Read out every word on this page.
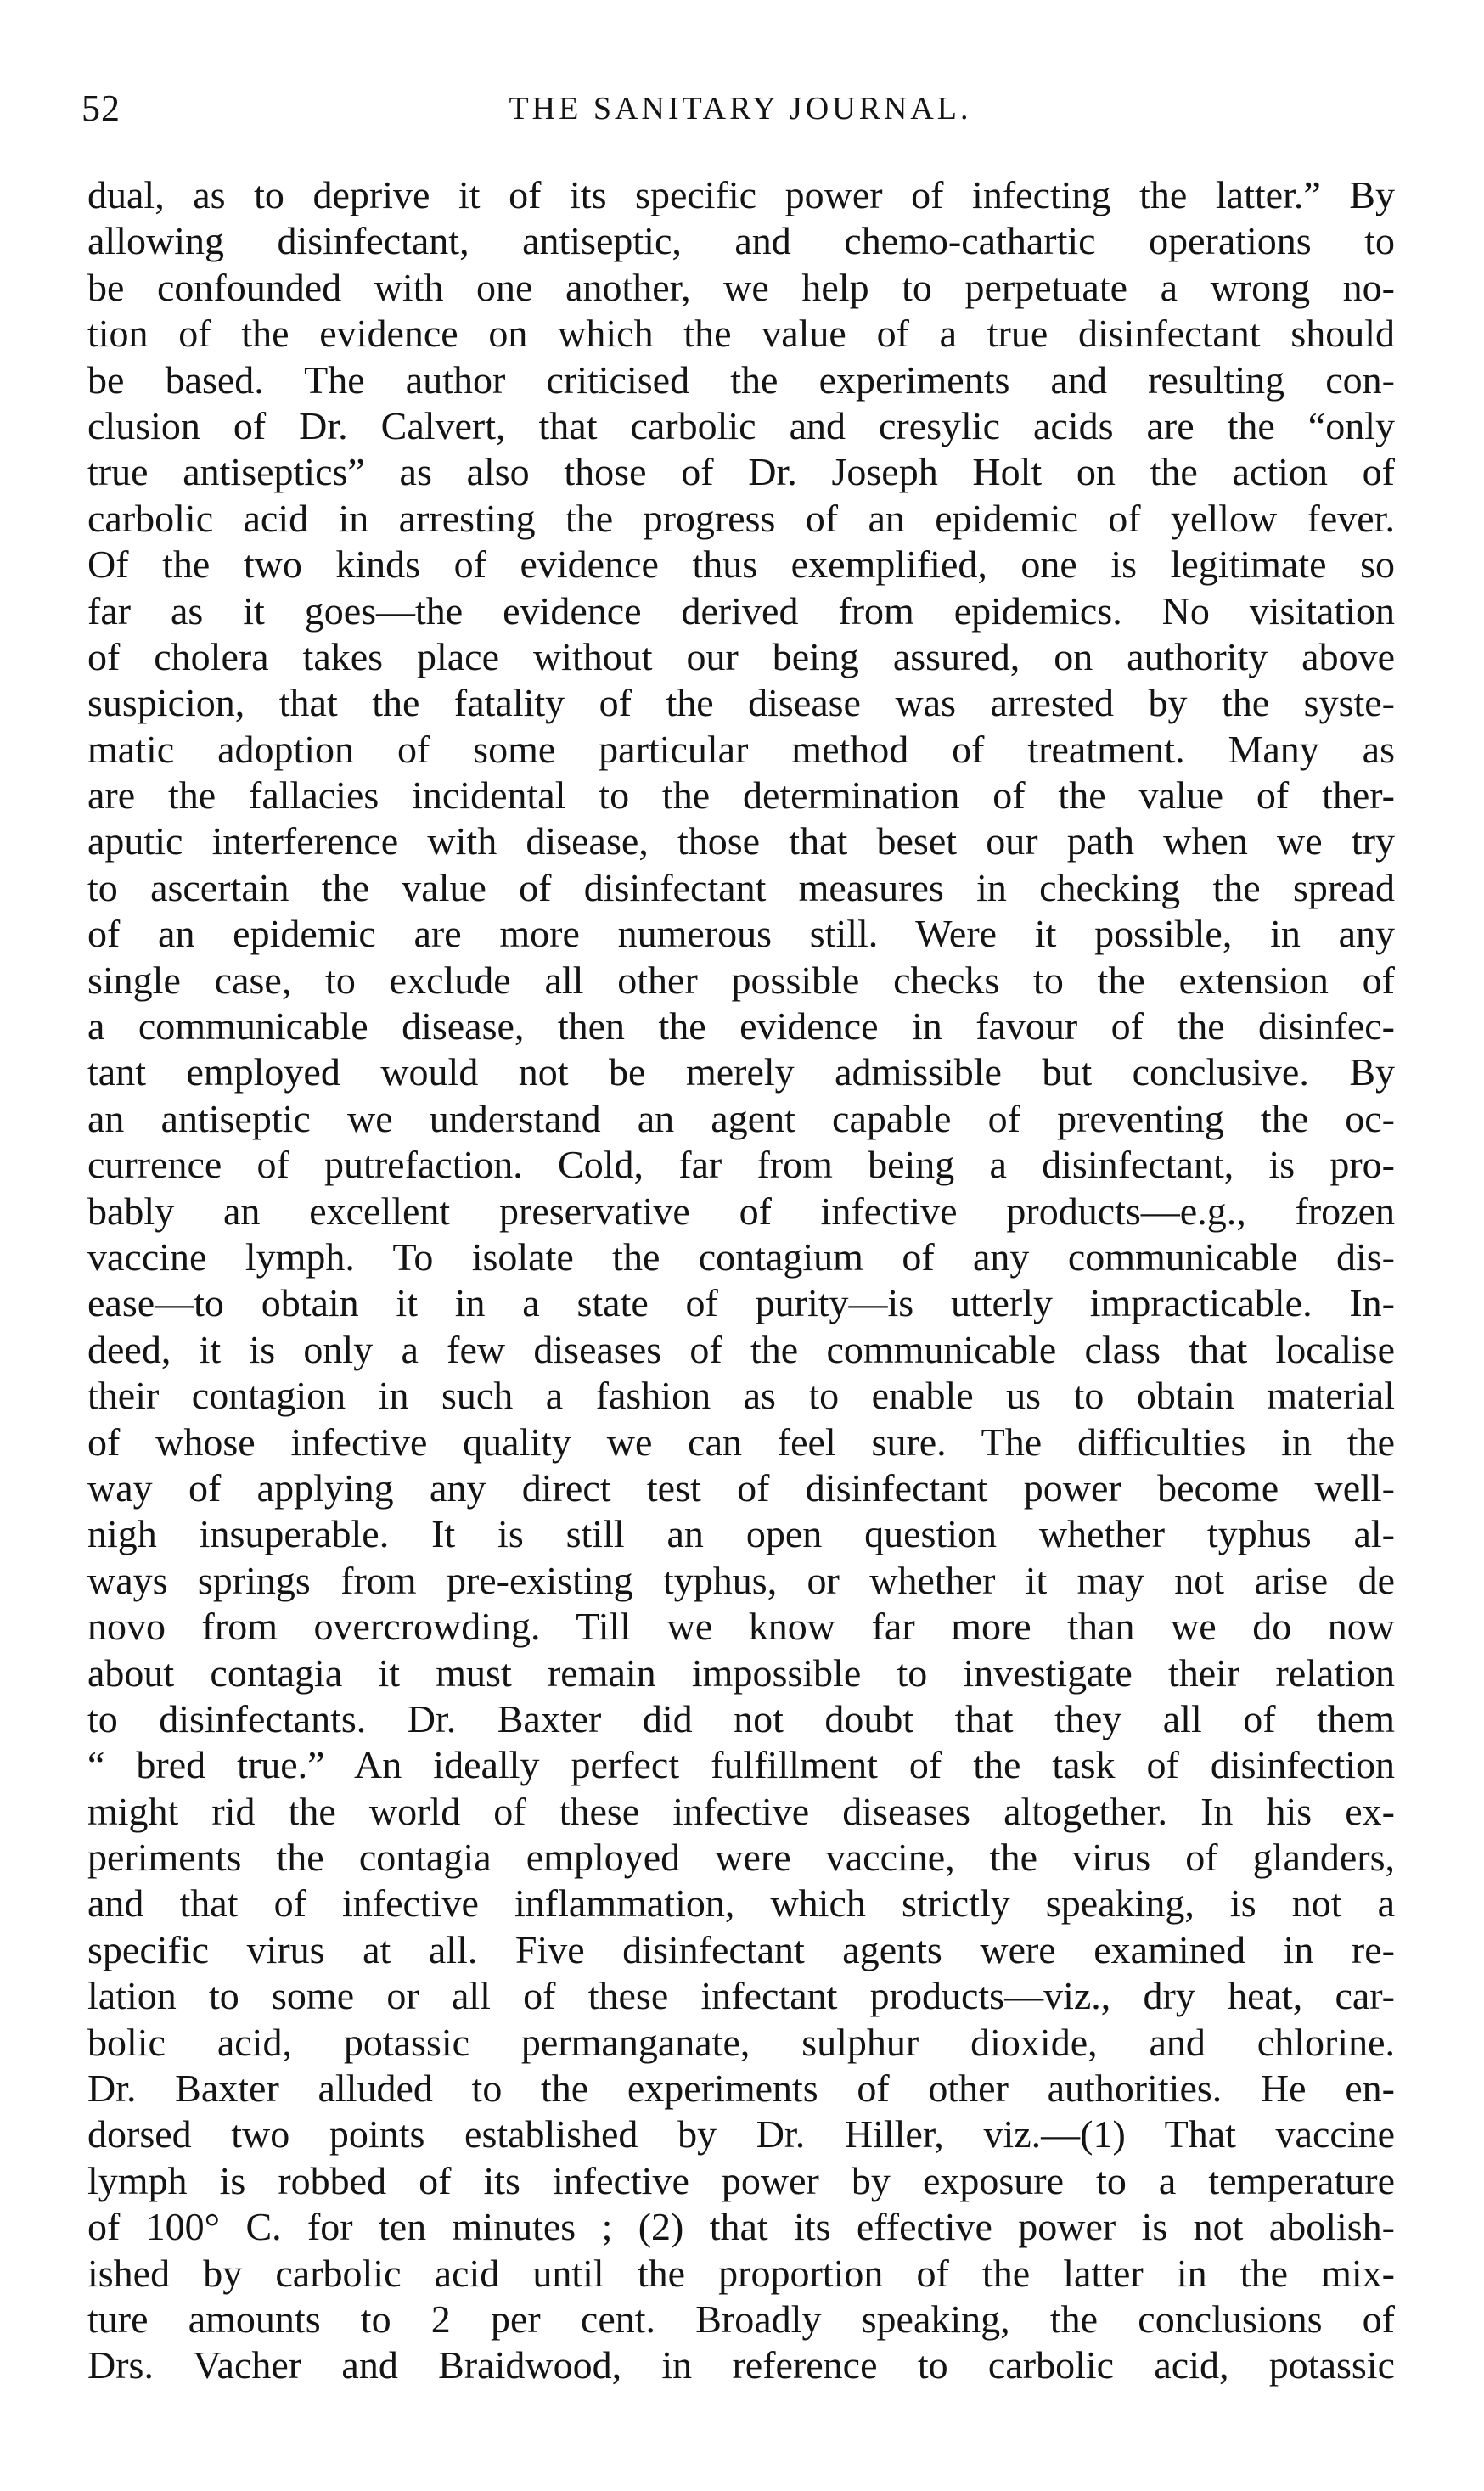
52	THE SANITARY JOURNAL.
dual, as to deprive it of its specific power of infecting the latter.” By
allowing disinfectant, antiseptic, and chemo-cathartic operations to
be confounded with one another, we help to perpetuate a wrong no-
tion of the evidence on which the value of a true disinfectant should
be based. The author criticised the experiments and resulting con-
clusion of Dr. Calvert, that carbolic and cresylic acids are the “only
true antiseptics” as also those of Dr. Joseph Holt on the action of
carbolic acid in arresting the progress of an epidemic of yellow fever.
Of the two kinds of evidence thus exemplified, one is legitimate so
far as it goes—the evidence derived from epidemics. No visitation
of cholera takes place without our being assured, on authority above
suspicion, that the fatality of the disease was arrested by the syste-
matic adoption of some particular method of treatment. Many as
are the fallacies incidental to the determination of the value of ther-
aputic interference with disease, those that beset our path when we try
to ascertain the value of disinfectant measures in checking the spread
of an epidemic are more numerous still. Were it possible, in any
single case, to exclude all other possible checks to the extension of
a communicable disease, then the evidence in favour of the disinfec-
tant employed would not be merely admissible but conclusive. By
an antiseptic we understand an agent capable of preventing the oc-
currence of putrefaction. Cold, far from being a disinfectant, is pro-
bably an excellent preservative of infective products—e.g., frozen
vaccine lymph. To isolate the contagium of any communicable dis-
ease—to obtain it in a state of purity—is utterly impracticable. In-
deed, it is only a few diseases of the communicable class that localise
their contagion in such a fashion as to enable us to obtain material
of whose infective quality we can feel sure. The difficulties in the
way of applying any direct test of disinfectant power become well-
nigh insuperable. It is still an open question whether typhus al-
ways springs from pre-existing typhus, or whether it may not arise de
novo from overcrowding. Till we know far more than we do now
about contagia it must remain impossible to investigate their relation
to disinfectants. Dr. Baxter did not doubt that they all of them
“ bred true.” An ideally perfect fulfillment of the task of disinfection
might rid the world of these infective diseases altogether. In his ex-
periments the contagia employed were vaccine, the virus of glanders,
and that of infective inflammation, which strictly speaking, is not a
specific virus at all. Five disinfectant agents were examined in re-
lation to some or all of these infectant products—viz., dry heat, car-
bolic acid, potassic permanganate, sulphur dioxide, and chlorine.
Dr. Baxter alluded to the experiments of other authorities. He en-
dorsed two points established by Dr. Hiller, viz.—(1) That vaccine
lymph is robbed of its infective power by exposure to a temperature
of 100° C. for ten minutes ; (2) that its effective power is not abolish-
ished by carbolic acid until the proportion of the latter in the mix-
ture amounts to 2 per cent. Broadly speaking, the conclusions of
Drs. Vacher and Braidwood, in reference to carbolic acid, potassic
